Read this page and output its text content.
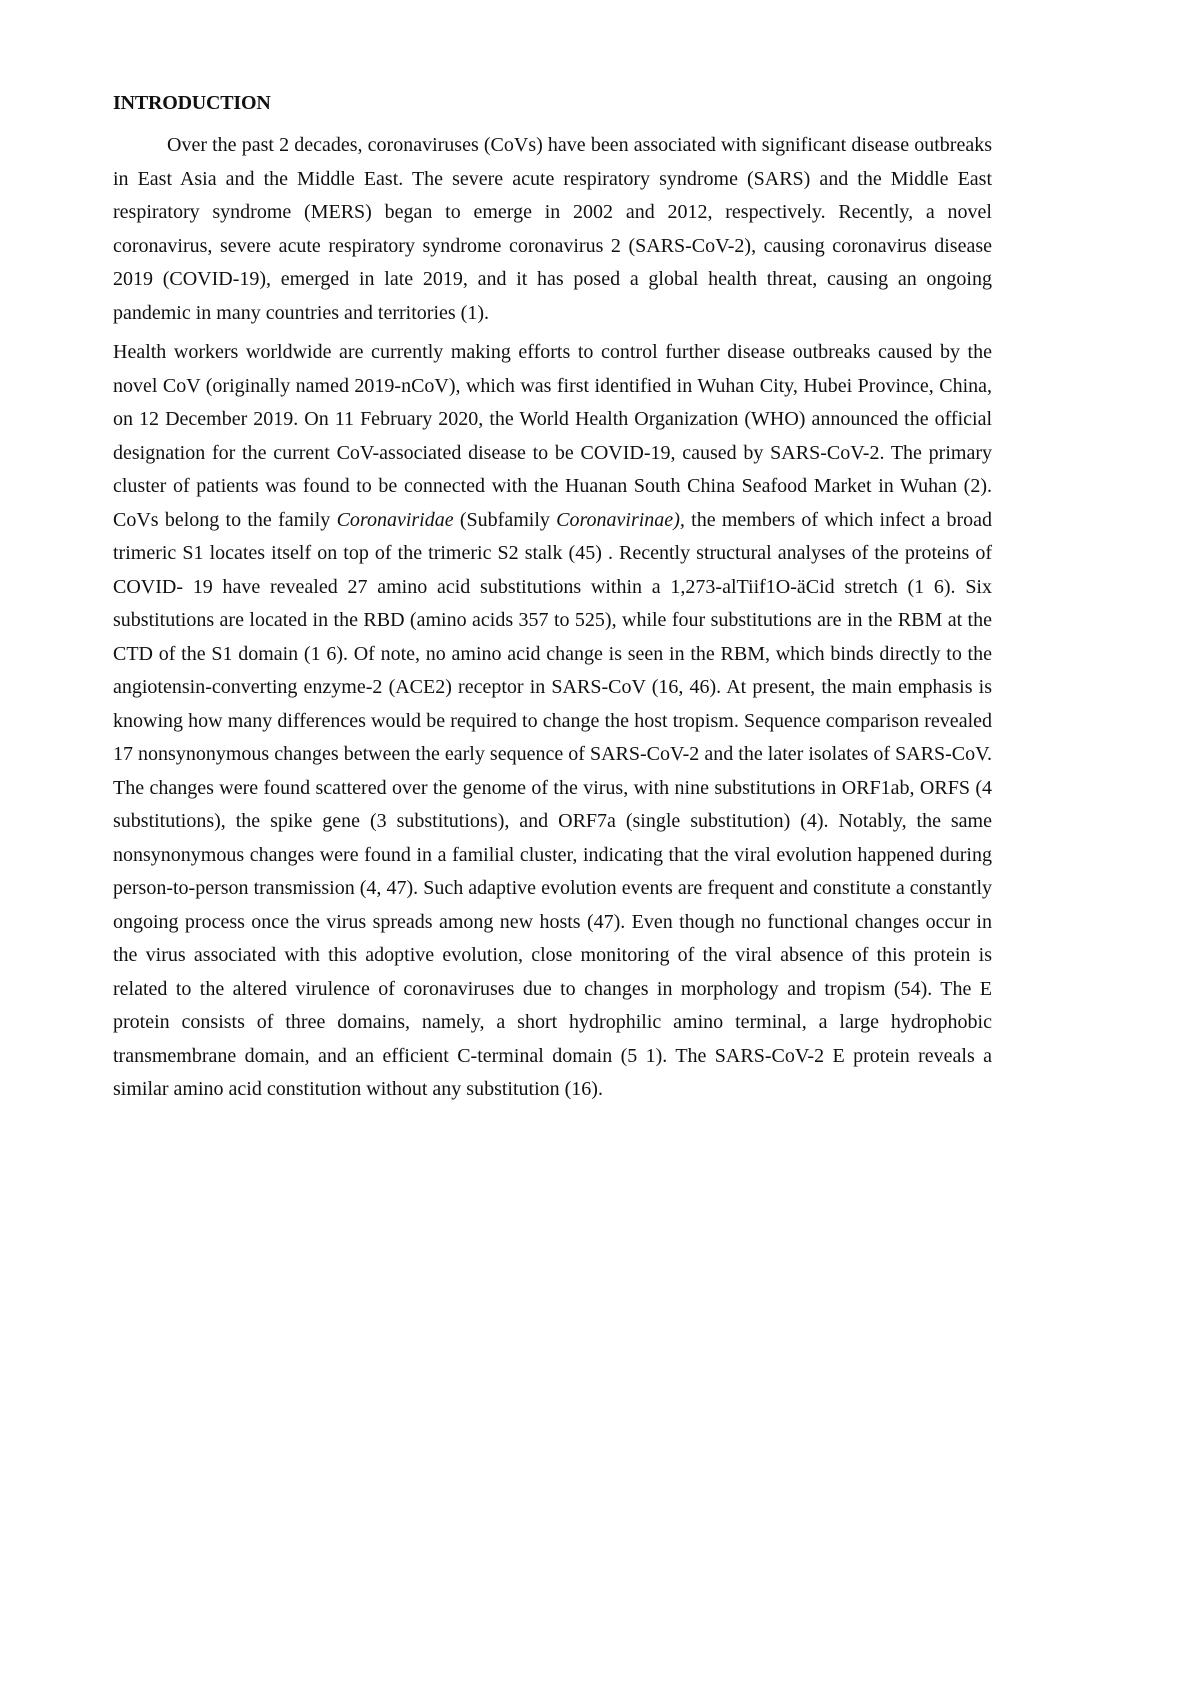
INTRODUCTION

Over the past 2 decades, coronaviruses (CoVs) have been associated with significant disease outbreaks in East Asia and the Middle East. The severe acute respiratory syndrome (SARS) and the Middle East respiratory syndrome (MERS) began to emerge in 2002 and 2012, respectively. Recently, a novel coronavirus, severe acute respiratory syndrome coronavirus 2 (SARS-CoV-2), causing coronavirus disease 2019 (COVID-19), emerged in late 2019, and it has posed a global health threat, causing an ongoing pandemic in many countries and territories (1).

Health workers worldwide are currently making efforts to control further disease outbreaks caused by the novel CoV (originally named 2019-nCoV), which was first identified in Wuhan City, Hubei Province, China, on 12 December 2019. On 11 February 2020, the World Health Organization (WHO) announced the official designation for the current CoV-associated disease to be COVID-19, caused by SARS-CoV-2. The primary cluster of patients was found to be connected with the Huanan South China Seafood Market in Wuhan (2). CoVs belong to the family Coronaviridae (Subfamily Coronavirinae), the members of which infect a broad trimeric S1 locates itself on top of the trimeric S2 stalk (45) . Recently structural analyses of the proteins of COVID- 19 have revealed 27 amino acid substitutions within a 1,273-alTiif1O-äCid stretch (1 6). Six substitutions are located in the RBD (amino acids 357 to 525), while four substitutions are in the RBM at the CTD of the S1 domain (1 6). Of note, no amino acid change is seen in the RBM, which binds directly to the angiotensin-converting enzyme-2 (ACE2) receptor in SARS-CoV (16, 46). At present, the main emphasis is knowing how many differences would be required to change the host tropism. Sequence comparison revealed 17 nonsynonymous changes between the early sequence of SARS-CoV-2 and the later isolates of SARS-CoV. The changes were found scattered over the genome of the virus, with nine substitutions in ORF1ab, ORFS (4 substitutions), the spike gene (3 substitutions), and ORF7a (single substitution) (4). Notably, the same nonsynonymous changes were found in a familial cluster, indicating that the viral evolution happened during person-to-person transmission (4, 47). Such adaptive evolution events are frequent and constitute a constantly ongoing process once the virus spreads among new hosts (47). Even though no functional changes occur in the virus associated with this adoptive evolution, close monitoring of the viral absence of this protein is related to the altered virulence of coronaviruses due to changes in morphology and tropism (54). The E protein consists of three domains, namely, a short hydrophilic amino terminal, a large hydrophobic transmembrane domain, and an efficient C-terminal domain (5 1). The SARS-CoV-2 E protein reveals a similar amino acid constitution without any substitution (16).
